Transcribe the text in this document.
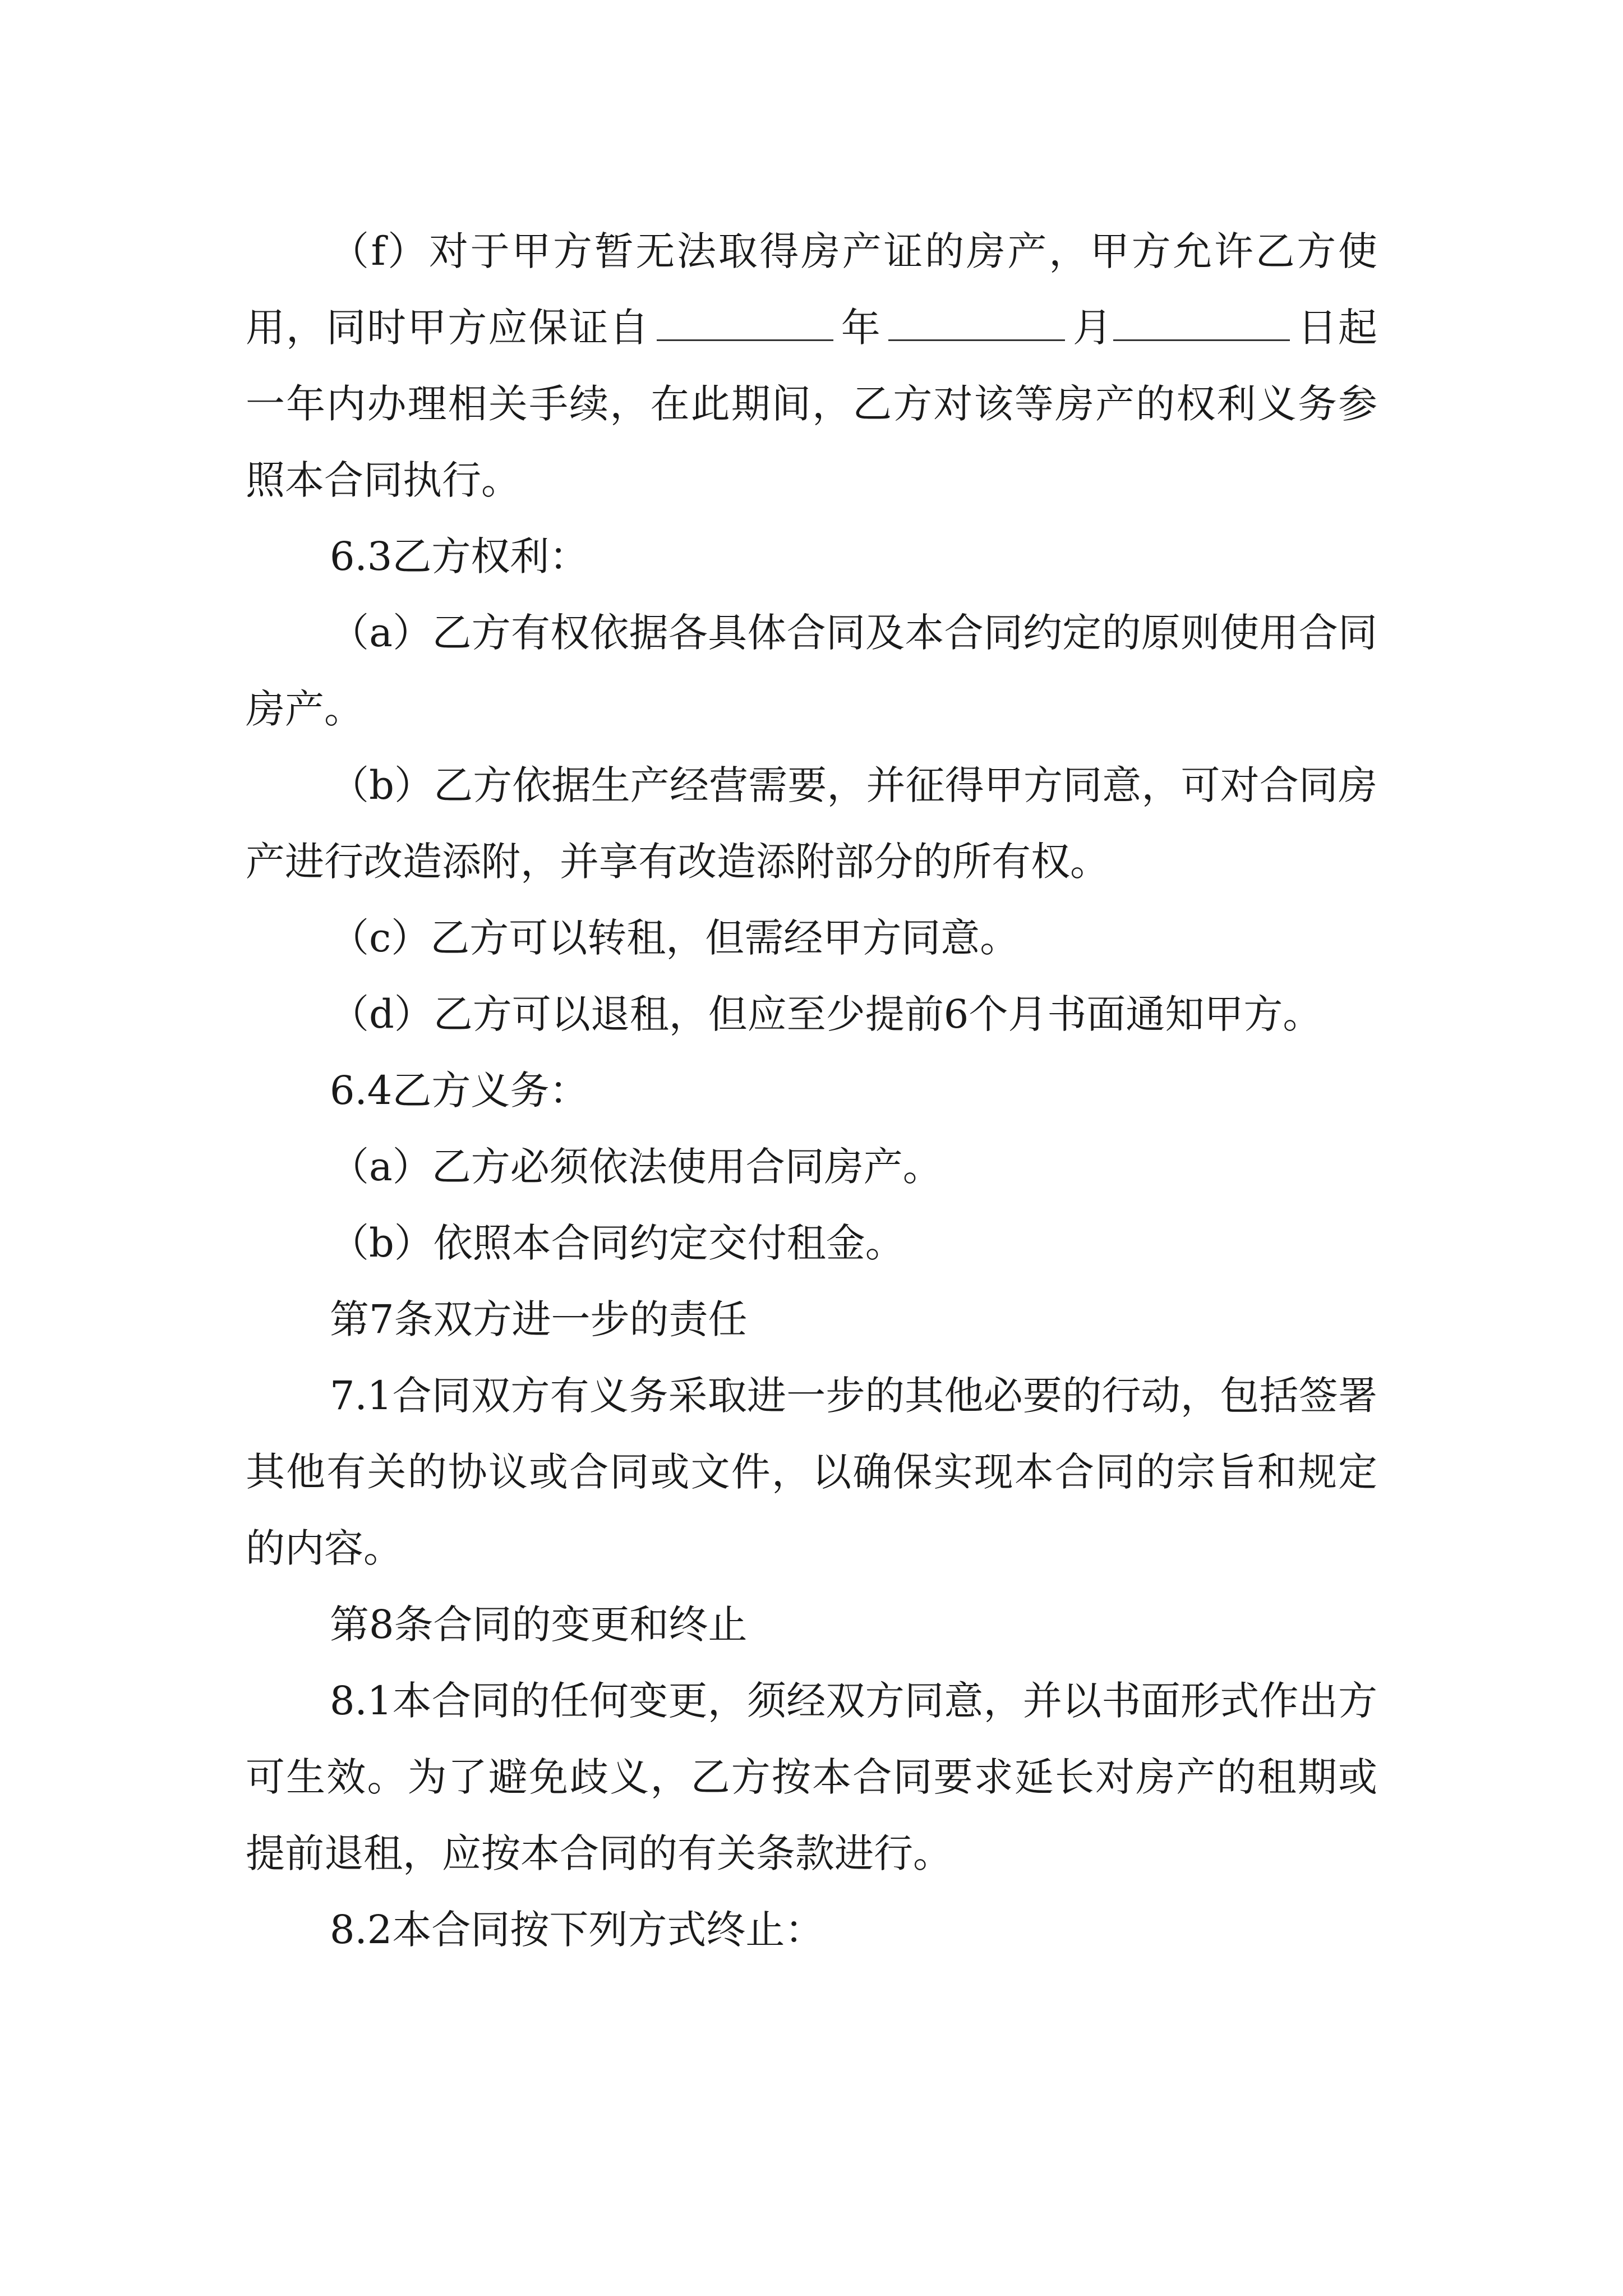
（f）对于甲方暂无法取得房产证的房产，甲方允许乙方使用，同时甲方应保证自	年	月	日起一年内办理相关手续，在此期间，乙方对该等房产的权利义务参照本合同执行。

6.3乙方权利：

（a）乙方有权依据各具体合同及本合同约定的原则使用合同房产。

（b）乙方依据生产经营需要，并征得甲方同意，可对合同房产进行改造添附，并享有改造添附部分的所有权。

（c）乙方可以转租，但需经甲方同意。

（d）乙方可以退租，但应至少提前6个月书面通知甲方。

6.4乙方义务：

（a）乙方必须依法使用合同房产。

（b）依照本合同约定交付租金。

第7条双方进一步的责任

7.1合同双方有义务采取进一步的其他必要的行动，包括签署其他有关的协议或合同或文件，以确保实现本合同的宗旨和规定的内容。

第8条合同的变更和终止

8.1本合同的任何变更，须经双方同意，并以书面形式作出方可生效。为了避免歧义，乙方按本合同要求延长对房产的租期或提前退租，应按本合同的有关条款进行。

8.2本合同按下列方式终止：
